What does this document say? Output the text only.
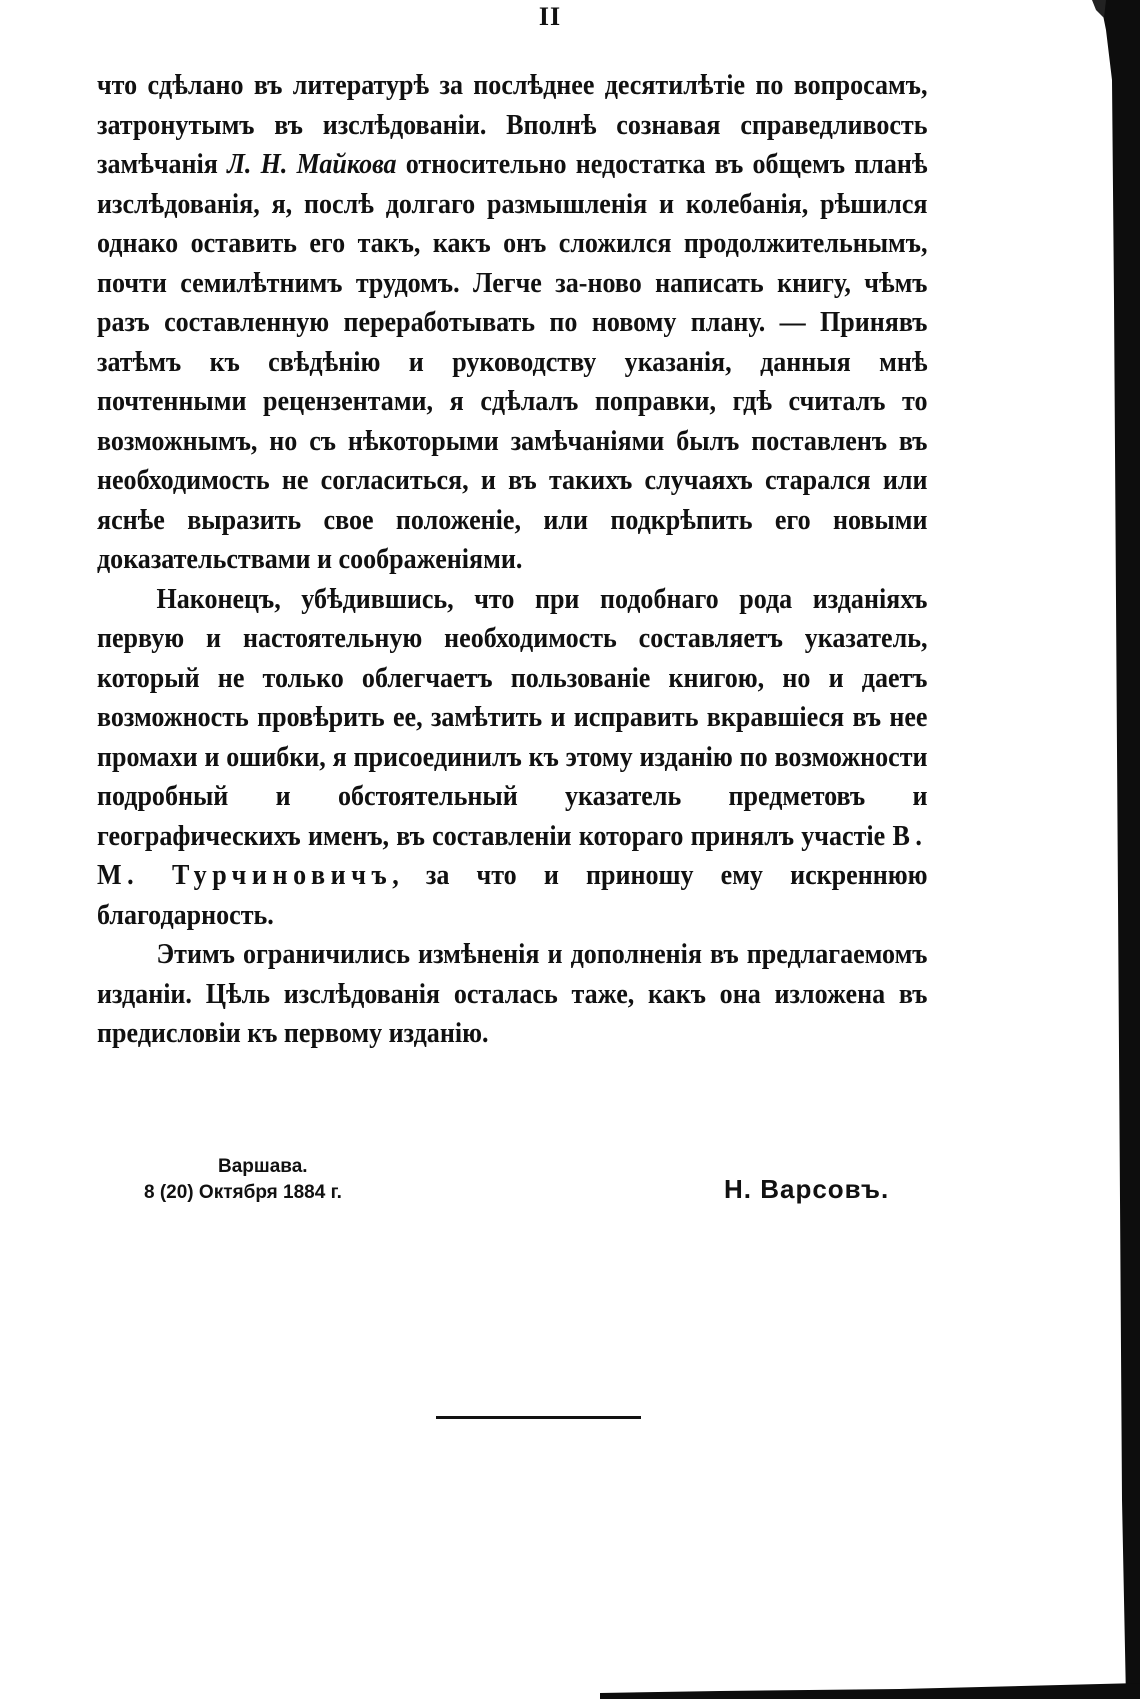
II

что сдѣлано въ литературѣ за послѣднее десятилѣтіе по вопросамъ, затронутымъ въ изслѣдованіи. Вполнѣ сознавая справедливость замѣчанія Л. Н. Майкова относительно недостатка въ общемъ планѣ изслѣдованія, я, послѣ долгаго размышленія и колебанія, рѣшился однако оставить его такъ, какъ онъ сложился продолжительнымъ, почти семилѣтнимъ трудомъ. Легче за-ново написать книгу, чѣмъ разъ составленную переработывать по новому плану. — Принявъ затѣмъ къ свѣдѣнію и руководству указанія, данныя мнѣ почтенными рецензентами, я сдѣлалъ поправки, гдѣ считалъ то возможнымъ, но съ нѣкоторыми замѣчаніями былъ поставленъ въ необходимость не согласиться, и въ такихъ случаяхъ старался или яснѣе выразить свое положеніе, или подкрѣпить его новыми доказательствами и соображеніями.

Наконецъ, убѣдившись, что при подобнаго рода изданіяхъ первую и настоятельную необходимость составляетъ указатель, который не только облегчаетъ пользованіе книгою, но и даетъ возможность провѣрить ее, замѣтить и исправить вкравшіеся въ нее промахи и ошибки, я присоединилъ къ этому изданію по возможности подробный и обстоятельный указатель предметовъ и географическихъ именъ, въ составленіи котораго принялъ участіе В. М. Турчиновичъ, за что и приношу ему искреннюю благодарность.

Этимъ ограничились измѣненія и дополненія въ предлагаемомъ изданіи. Цѣль изслѣдованія осталась таже, какъ она изложена въ предисловіи къ первому изданію.

Варшава.
8 (20) Октября 1884 г.	Н. Варсовъ.
